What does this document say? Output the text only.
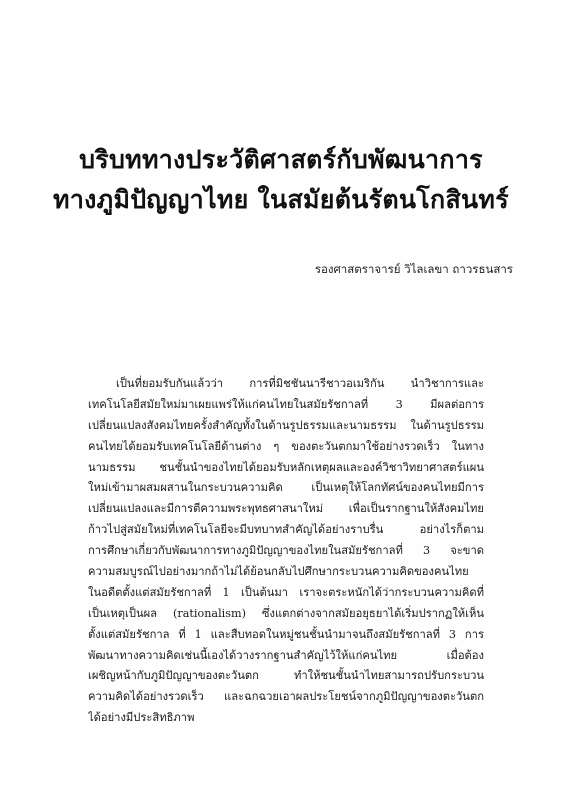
บริบททางประวัติศาสตร์กับพัฒนาการ
ทางภูมิปัญญาไทย ในสมัยต้นรัตนโกสินทร์
รองศาสตราจารย์ วิไลเลขา ถาวรธนสาร
เป็นที่ยอมรับกันแล้วว่า การที่มิชชันนารีชาวอเมริกัน นำวิชาการและ
เทคโนโลยีสมัยใหม่มาเผยแพร่ให้แก่คนไทยในสมัยรัชกาลที่ 3 มีผลต่อการ
เปลี่ยนแปลงสังคมไทยครั้งสำคัญทั้งในด้านรูปธรรมและนามธรรม ในด้านรูปธรรม
คนไทยได้ยอมรับเทคโนโลยีด้านต่าง ๆ ของตะวันตกมาใช้อย่างรวดเร็ว ในทาง
นามธรรม ชนชั้นนำของไทยได้ยอมรับหลักเหตุผลและองค์วิชาวิทยาศาสตร์แผน
ใหม่เข้ามาผสมผสานในกระบวนความคิด เป็นเหตุให้โลกทัศน์ของคนไทยมีการ
เปลี่ยนแปลงและมีการตีความพระพุทธศาสนาใหม่ เพื่อเป็นรากฐานให้สังคมไทย
ก้าวไปสู่สมัยใหม่ที่เทคโนโลยีจะมีบทบาทสำคัญได้อย่างราบรื่น อย่างไรก็ตาม
การศึกษาเกี่ยวกับพัฒนาการทางภูมิปัญญาของไทยในสมัยรัชกาลที่ 3 จะขาด
ความสมบูรณ์ไปอย่างมากถ้าไม่ได้ย้อนกลับไปศึกษากระบวนความคิดของคนไทย
ในอดีตตั้งแต่สมัยรัชกาลที่ 1 เป็นต้นมา เราจะตระหนักได้ว่ากระบวนความคิดที่
เป็นเหตุเป็นผล (rationalism) ซึ่งแตกต่างจากสมัยอยุธยาได้เริ่มปรากฏให้เห็น
ตั้งแต่สมัยรัชกาล ที่ 1 และสืบทอดในหมู่ชนชั้นนำมาจนถึงสมัยรัชกาลที่ 3 การ
พัฒนาทางความคิดเช่นนี้เองได้วางรากฐานสำคัญไว้ให้แก่คนไทย เมื่อต้อง
เผชิญหน้ากับภูมิปัญญาของตะวันตก ทำให้ชนชั้นนำไทยสามารถปรับกระบวน
ความคิดได้อย่างรวดเร็ว และฉกฉวยเอาผลประโยชน์จากภูมิปัญญาของตะวันตก
ได้อย่างมีประสิทธิภาพ
